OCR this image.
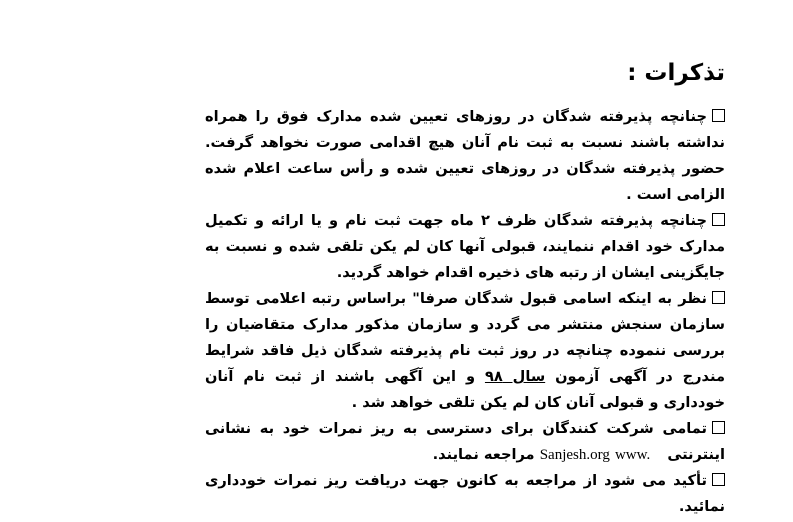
تذکرات :

چنانچه پذیرفته شدگان در روزهای تعیین شده مدارک فوق را همراه نداشته باشند نسبت به ثبت نام آنان هیچ اقدامی صورت نخواهد گرفت. حضور پذیرفته شدگان در روزهای تعیین شده و رأس ساعت اعلام شده الزامی است .

چنانچه پذیرفته شدگان ظرف ۲ ماه جهت ثبت نام و یا ارائه و تکمیل مدارک خود اقدام ننمایند، قبولی آنها کان لم یکن تلقی شده و نسبت به جایگزینی ایشان از رتبه های ذخیره اقدام خواهد گردید.

نظر به اینکه اسامی قبول شدگان صرفا" براساس رتبه اعلامی توسط سازمان سنجش منتشر می گردد و سازمان مذکور مدارک متقاضیان را بررسی ننموده چنانچه در روز ثبت نام پذیرفته شدگان ذیل فاقد شرایط مندرج در آگهی آزمون سال ۹۸ و این آگهی باشند از ثبت نام آنان خودداری و قبولی آنان کان لم یکن تلقی خواهد شد .

تمامی شرکت کنندگان برای دسترسی به ریز نمرات خود به نشانی اینترنتی www. Sanjesh.org مراجعه نمایند.

تأکید می شود از مراجعه به کانون جهت دریافت ریز نمرات خودداری نمائید.
